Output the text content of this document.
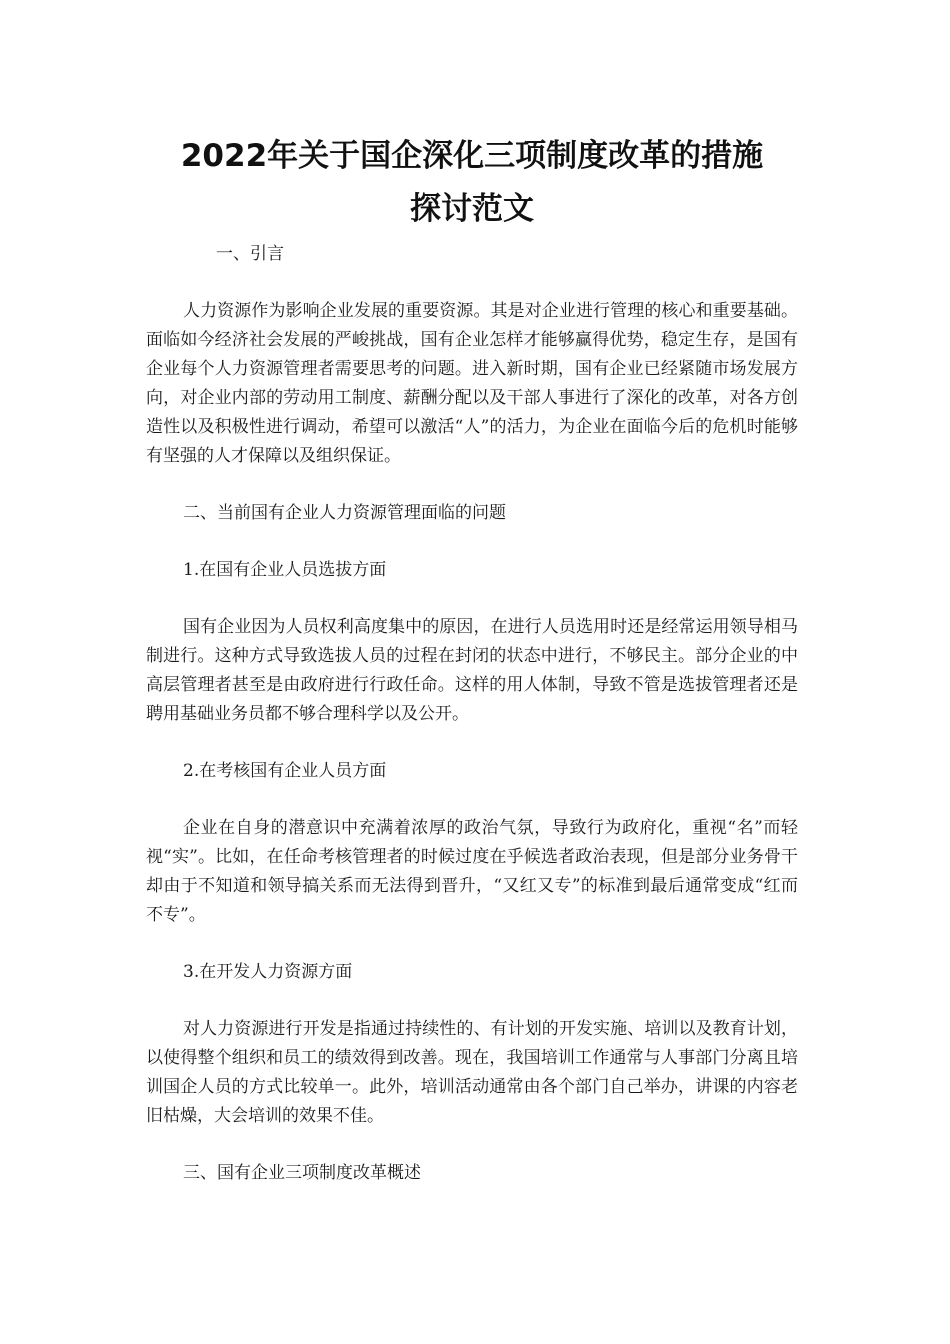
2022年关于国企深化三项制度改革的措施
探讨范文

一、引言

人力资源作为影响企业发展的重要资源。其是对企业进行管理的核心和重要基础。面临如今经济社会发展的严峻挑战，国有企业怎样才能够赢得优势，稳定生存，是国有企业每个人力资源管理者需要思考的问题。进入新时期，国有企业已经紧随市场发展方向，对企业内部的劳动用工制度、薪酬分配以及干部人事进行了深化的改革，对各方创造性以及积极性进行调动，希望可以激活“人”的活力，为企业在面临今后的危机时能够有坚强的人才保障以及组织保证。

二、当前国有企业人力资源管理面临的问题

1.在国有企业人员选拔方面

国有企业因为人员权利高度集中的原因，在进行人员选用时还是经常运用领导相马制进行。这种方式导致选拔人员的过程在封闭的状态中进行，不够民主。部分企业的中高层管理者甚至是由政府进行行政任命。这样的用人体制，导致不管是选拔管理者还是聘用基础业务员都不够合理科学以及公开。

2.在考核国有企业人员方面

企业在自身的潜意识中充满着浓厚的政治气氛，导致行为政府化，重视“名”而轻视“实”。比如，在任命考核管理者的时候过度在乎候选者政治表现，但是部分业务骨干却由于不知道和领导搞关系而无法得到晋升，“又红又专”的标准到最后通常变成“红而不专”。

3.在开发人力资源方面

对人力资源进行开发是指通过持续性的、有计划的开发实施、培训以及教育计划，以使得整个组织和员工的绩效得到改善。现在，我国培训工作通常与人事部门分离且培训国企人员的方式比较单一。此外，培训活动通常由各个部门自己举办，讲课的内容老旧枯燥，大会培训的效果不佳。

三、国有企业三项制度改革概述
